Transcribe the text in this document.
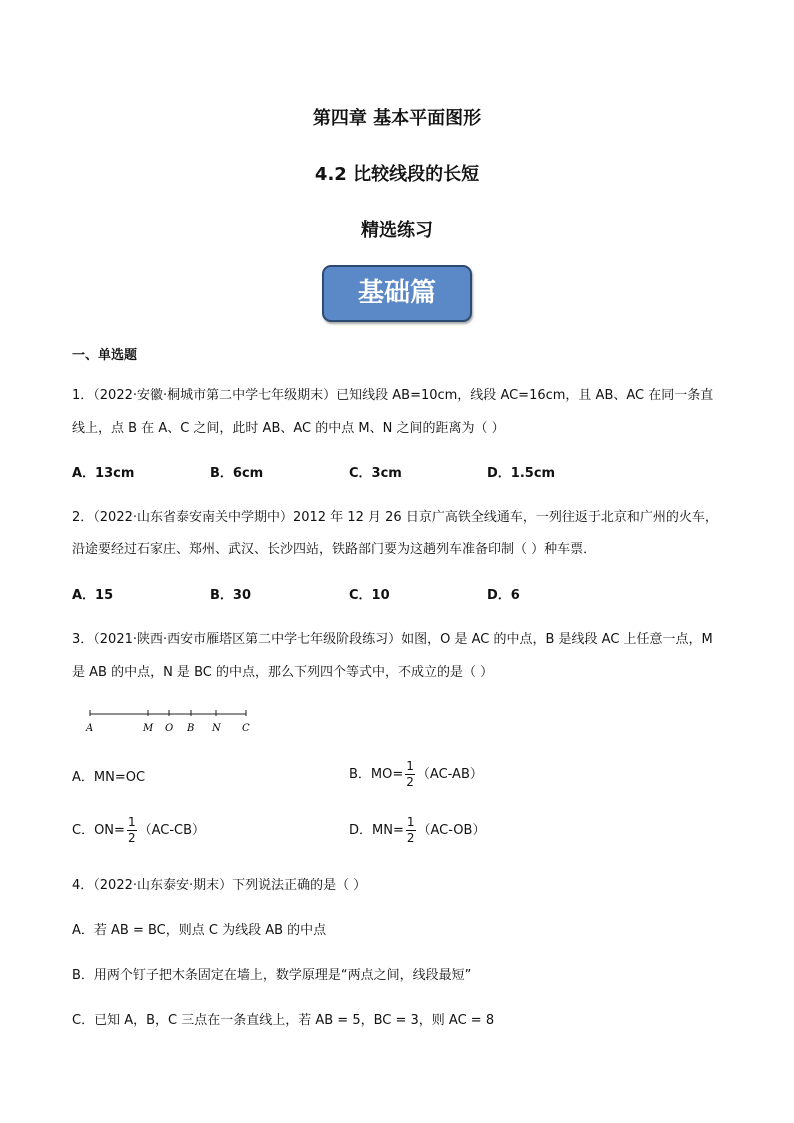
第四章 基本平面图形
4.2 比较线段的长短
精选练习
基础篇
一、单选题
1．（2022·安徽·桐城市第二中学七年级期末）已知线段 AB=10cm，线段 AC=16cm，且 AB、AC 在同一条直
线上，点 B 在 A、C 之间，此时 AB、AC 的中点 M、N 之间的距离为（ ）
A．13cm	B．6cm	C．3cm	D．1.5cm
2．（2022·山东省泰安南关中学期中）2012 年 12 月 26 日京广高铁全线通车，一列往返于北京和广州的火车，
沿途要经过石家庄、郑州、武汉、长沙四站，铁路部门要为这趟列车准备印制（ ）种车票．
A．15	B．30	C．10	D．6
3．（2021·陕西·西安市雁塔区第二中学七年级阶段练习）如图，O 是 AC 的中点，B 是线段 AC 上任意一点，M
是 AB 的中点，N 是 BC 的中点，那么下列四个等式中，不成立的是（ ）
A	M O B N C
A．MN=OC	B．$MO= \frac{1}{2} (AC-AB)$
C．$ON= \frac{1}{2} (AC-CB)$	D．$MN= \frac{1}{2} (AC-OB)$
4．（2022·山东泰安·期末）下列说法正确的是（ ）
A．若 AB = BC，则点 C 为线段 AB 的中点
B．用两个钉子把木条固定在墙上，数学原理是“两点之间，线段最短”
C．已知 A，B，C 三点在一条直线上，若 AB = 5，BC = 3，则 AC = 8
